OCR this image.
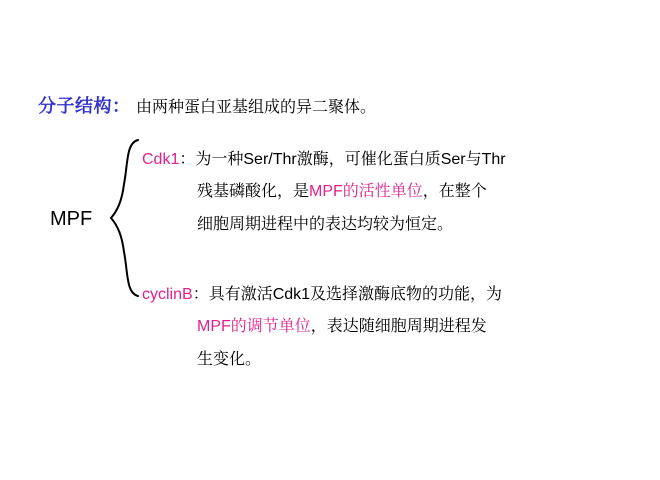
分子结构 ： 由两种蛋白亚基组成的异二聚体。
MPF
Cdk1：为一种Ser/Thr激酶，可催化蛋白质Ser与Thr
残基磷酸化，是MPF的活性单位，在整个
细胞周期进程中的表达均较为恒定。
cyclinB：具有激活Cdk1及选择激酶底物的功能，为
MPF的调节单位，表达随细胞周期进程发
生变化。
